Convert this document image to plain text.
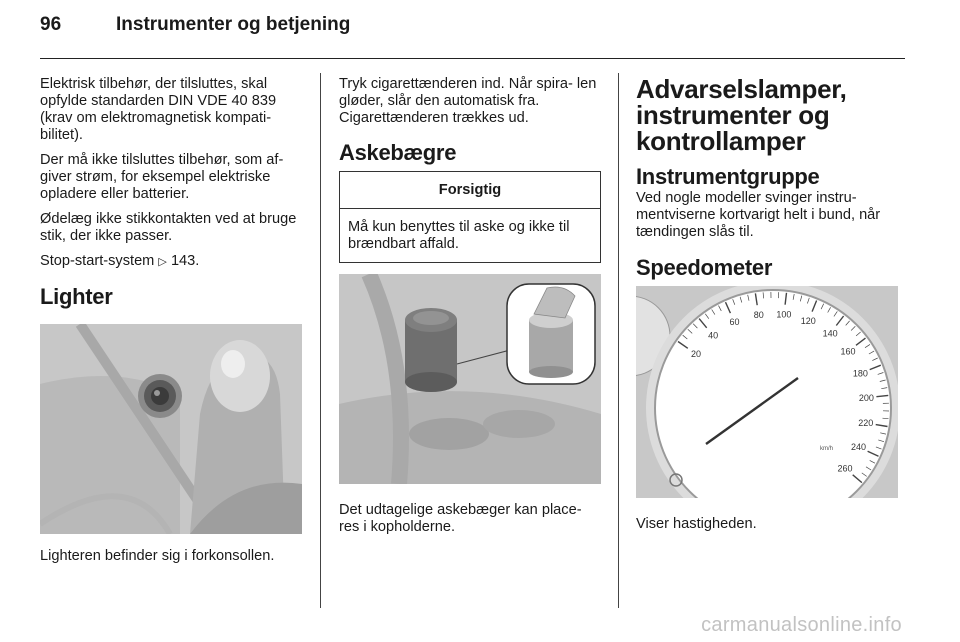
96	Instrumenter og betjening

Elektrisk tilbehør, der tilsluttes, skal opfylde standarden DIN VDE 40 839 (krav om elektromagnetisk kompati- bilitet).

Der må ikke tilsluttes tilbehør, som af- giver strøm, for eksempel elektriske opladere eller batterier.

Ødelæg ikke stikkontakten ved at bruge stik, der ikke passer.

Stop-start-system ▷ 143.

Lighter

Lighteren befinder sig i forkonsollen.

Tryk cigarettænderen ind. Når spira- len gløder, slår den automatisk fra. Cigarettænderen trækkes ud.

Askebægre
Forsigtig
Må kun benyttes til aske og ikke til brændbart affald.

Det udtagelige askebæger kan place- res i kopholderne.

Advarselslamper, instrumenter og kontrollamper
Instrumentgruppe

Ved nogle modeller svinger instru- mentviserne kortvarigt helt i bund, når tændingen slås til.

Speedometer
20
40
60
80 100
120
140
160
180
200
220
240
260
km/h

Viser hastigheden.

carmanualsonline.info
